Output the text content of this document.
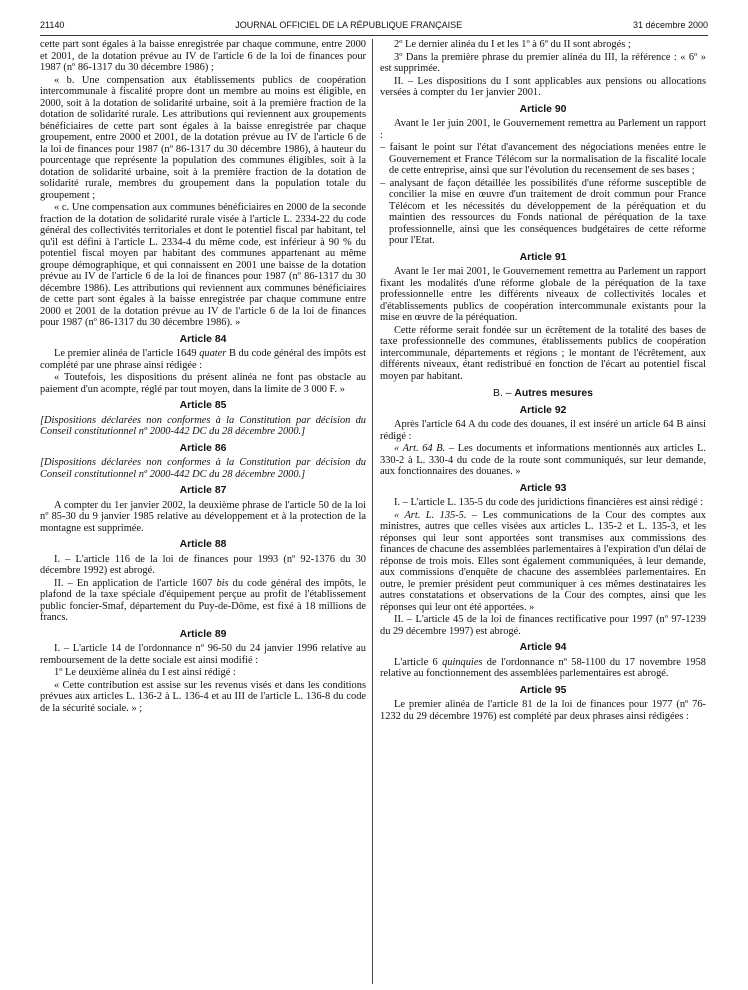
21140	JOURNAL OFFICIEL DE LA RÉPUBLIQUE FRANÇAISE	31 décembre 2000

cette part sont égales à la baisse enregistrée par chaque commune, entre 2000 et 2001, de la dotation prévue au IV de l'article 6 de la loi de finances pour 1987 (nº 86-1317 du 30 décembre 1986) ;

« b. Une compensation aux établissements publics de coopération intercommunale à fiscalité propre dont un membre au moins est éligible, en 2000, soit à la dotation de solidarité urbaine, soit à la première fraction de la dotation de solidarité rurale. Les attributions qui reviennent aux groupements bénéficiaires de cette part sont égales à la baisse enregistrée par chaque groupement, entre 2000 et 2001, de la dotation prévue au IV de l'article 6 de la loi de finances pour 1987 (nº 86-1317 du 30 décembre 1986), à hauteur du pourcentage que représente la population des communes éligibles, soit à la dotation de solidarité urbaine, soit à la première fraction de la dotation de solidarité rurale, membres du groupement dans la population totale du groupement ;

« c. Une compensation aux communes bénéficiaires en 2000 de la seconde fraction de la dotation de solidarité rurale visée à l'article L. 2334-22 du code général des collectivités territoriales et dont le potentiel fiscal par habitant, tel qu'il est défini à l'article L. 2334-4 du même code, est inférieur à 90 % du potentiel fiscal moyen par habitant des communes appartenant au même groupe démographique, et qui connaissent en 2001 une baisse de la dotation prévue au IV de l'article 6 de la loi de finances pour 1987 (nº 86-1317 du 30 décembre 1986). Les attributions qui reviennent aux communes bénéficiaires de cette part sont égales à la baisse enregistrée par chaque commune entre 2000 et 2001 de la dotation prévue au IV de l'article 6 de la loi de finances pour 1987 (nº 86-1317 du 30 décembre 1986). »

Article 84

Le premier alinéa de l'article 1649 quater B du code général des impôts est complété par une phrase ainsi rédigée :

« Toutefois, les dispositions du présent alinéa ne font pas obstacle au paiement d'un acompte, réglé par tout moyen, dans la limite de 3 000 F. »

Article 85

[Dispositions déclarées non conformes à la Constitution par décision du Conseil constitutionnel nº 2000-442 DC du 28 décembre 2000.]

Article 86

[Dispositions déclarées non conformes à la Constitution par décision du Conseil constitutionnel nº 2000-442 DC du 28 décembre 2000.]

Article 87

A compter du 1er janvier 2002, la deuxième phrase de l'article 50 de la loi nº 85-30 du 9 janvier 1985 relative au développement et à la protection de la montagne est supprimée.

Article 88

I. – L'article 116 de la loi de finances pour 1993 (nº 92-1376 du 30 décembre 1992) est abrogé.

II. – En application de l'article 1607 bis du code général des impôts, le plafond de la taxe spéciale d'équipement perçue au profit de l'établissement public foncier-Smaf, département du Puy-de-Dôme, est fixé à 18 millions de francs.

Article 89

I. – L'article 14 de l'ordonnance nº 96-50 du 24 janvier 1996 relative au remboursement de la dette sociale est ainsi modifié :

1º Le deuxième alinéa du I est ainsi rédigé :

« Cette contribution est assise sur les revenus visés et dans les conditions prévues aux articles L. 136-2 à L. 136-4 et au III de l'article L. 136-8 du code de la sécurité sociale. » ;

2º Le dernier alinéa du I et les 1º à 6º du II sont abrogés ;

3º Dans la première phrase du premier alinéa du III, la référence : « 6º » est supprimée.

II. – Les dispositions du I sont applicables aux pensions ou allocations versées à compter du 1er janvier 2001.

Article 90

Avant le 1er juin 2001, le Gouvernement remettra au Parlement un rapport :

– faisant le point sur l'état d'avancement des négociations menées entre le Gouvernement et France Télécom sur la normalisation de la fiscalité locale de cette entreprise, ainsi que sur l'évolution du recensement de ses bases ;

– analysant de façon détaillée les possibilités d'une réforme susceptible de concilier la mise en œuvre d'un traitement de droit commun pour France Télécom et les nécessités du développement de la péréquation et du maintien des ressources du Fonds national de péréquation de la taxe professionnelle, ainsi que les conséquences budgétaires de cette réforme pour l'Etat.

Article 91

Avant le 1er mai 2001, le Gouvernement remettra au Parlement un rapport fixant les modalités d'une réforme globale de la péréquation de la taxe professionnelle entre les différents niveaux de collectivités locales et d'établissements publics de coopération intercommunale existants pour la mise en œuvre de la péréquation.

Cette réforme serait fondée sur un écrêtement de la totalité des bases de taxe professionnelle des communes, établissements publics de coopération intercommunale, départements et régions ; le montant de l'écrêtement, aux différents niveaux, étant redistribué en fonction de l'écart au potentiel fiscal moyen par habitant.

B. – Autres mesures
Article 92

Après l'article 64 A du code des douanes, il est inséré un article 64 B ainsi rédigé :

« Art. 64 B. – Les documents et informations mentionnés aux articles L. 330-2 à L. 330-4 du code de la route sont communiqués, sur leur demande, aux fonctionnaires des douanes. »

Article 93

I. – L'article L. 135-5 du code des juridictions financières est ainsi rédigé :

« Art. L. 135-5. – Les communications de la Cour des comptes aux ministres, autres que celles visées aux articles L. 135-2 et L. 135-3, et les réponses qui leur sont apportées sont transmises aux commissions des finances de chacune des assemblées parlementaires à l'expiration d'un délai de réponse de trois mois. Elles sont également communiquées, à leur demande, aux commissions d'enquête de chacune des assemblées parlementaires. En outre, le premier président peut communiquer à ces mêmes destinataires les autres constatations et observations de la Cour des comptes, ainsi que les réponses qui leur ont été apportées. »

II. – L'article 45 de la loi de finances rectificative pour 1997 (nº 97-1239 du 29 décembre 1997) est abrogé.

Article 94

L'article 6 quinquies de l'ordonnance nº 58-1100 du 17 novembre 1958 relative au fonctionnement des assemblées parlementaires est abrogé.

Article 95

Le premier alinéa de l'article 81 de la loi de finances pour 1977 (nº 76-1232 du 29 décembre 1976) est complété par deux phrases ainsi rédigées :
